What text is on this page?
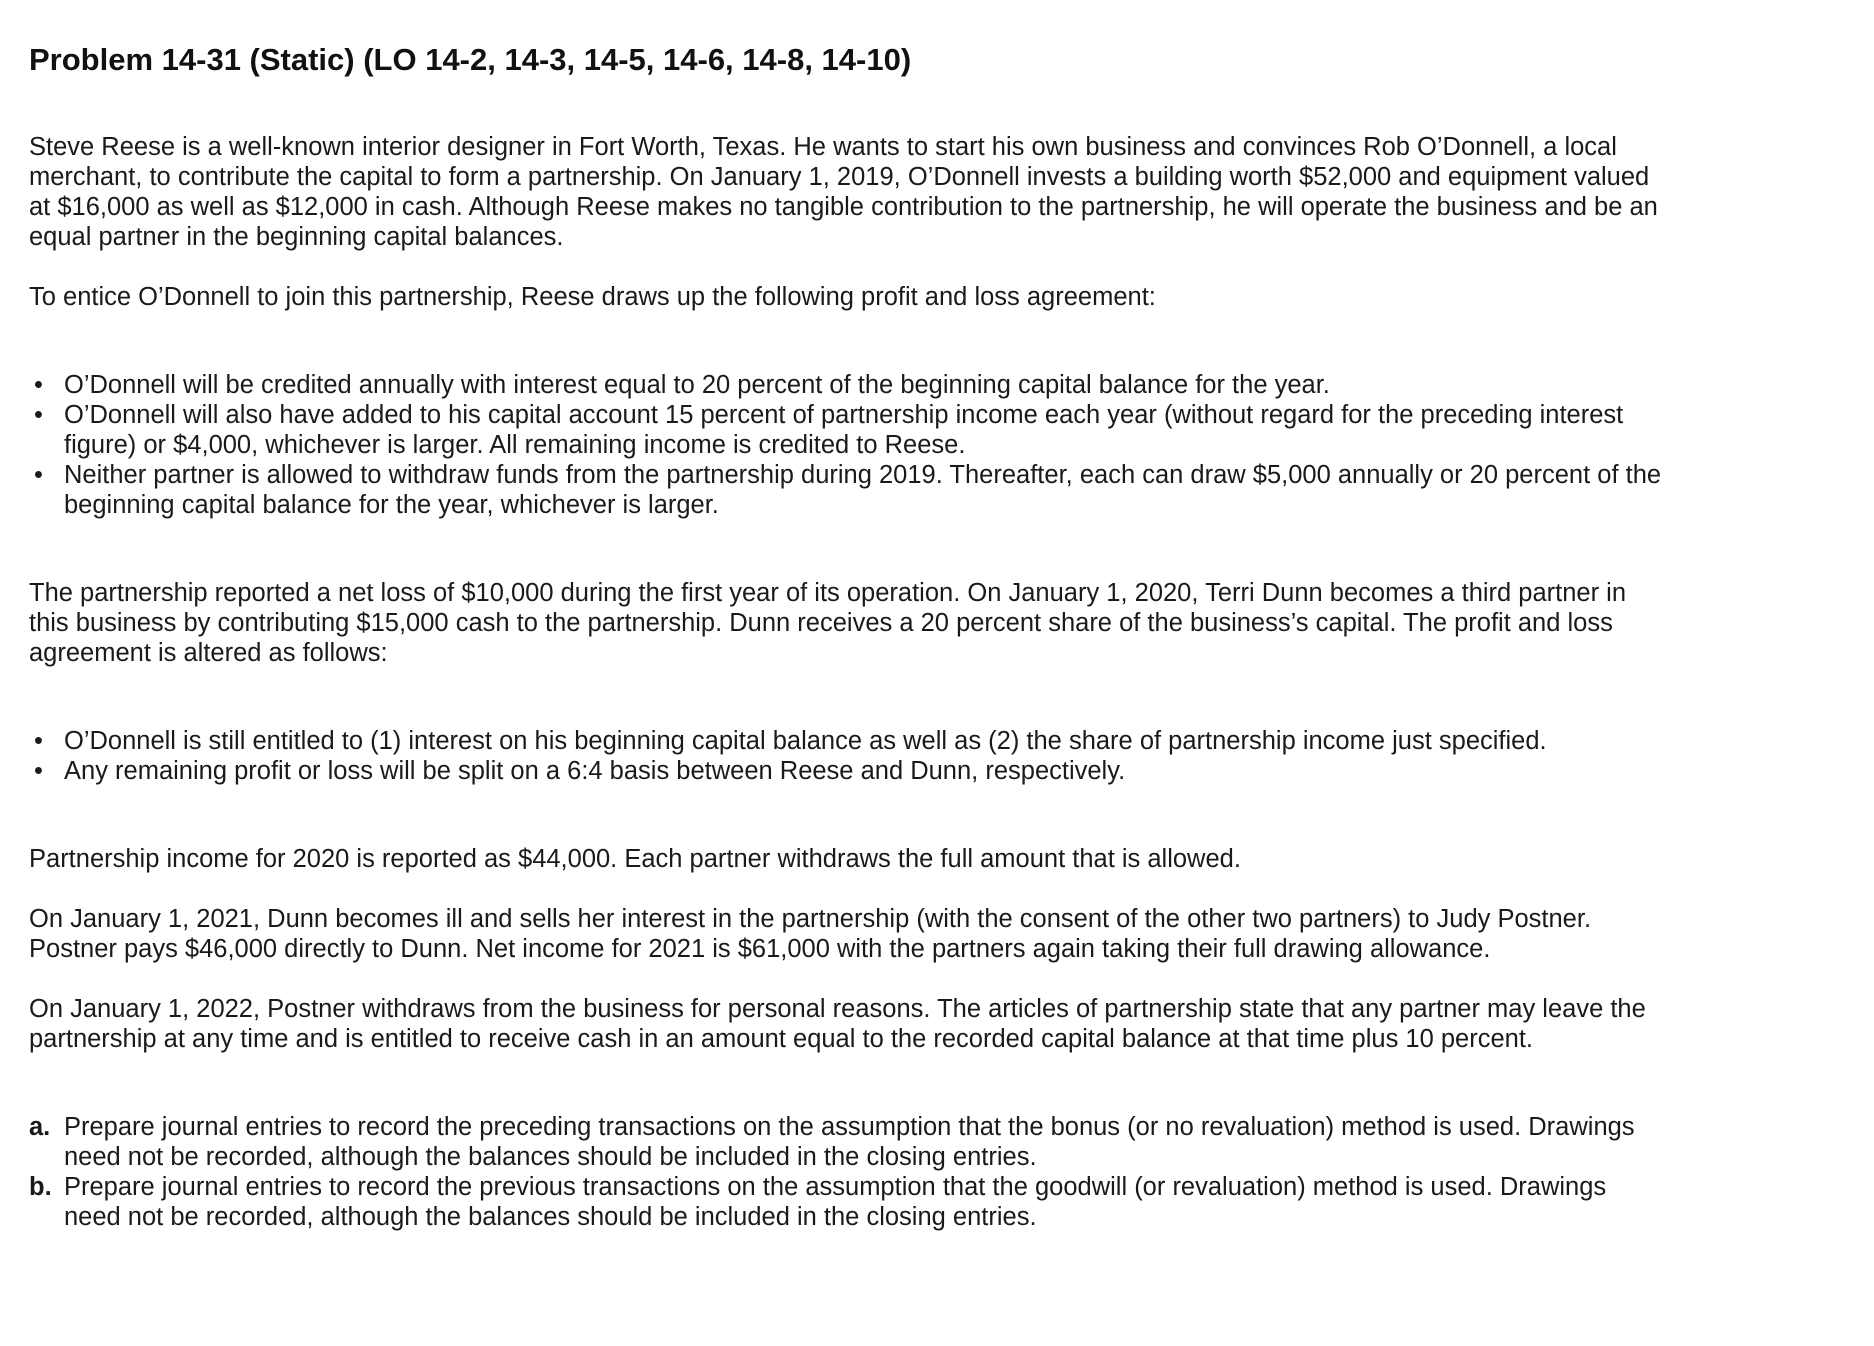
Problem 14-31 (Static) (LO 14-2, 14-3, 14-5, 14-6, 14-8, 14-10)

Steve Reese is a well-known interior designer in Fort Worth, Texas. He wants to start his own business and convinces Rob O’Donnell, a local merchant, to contribute the capital to form a partnership. On January 1, 2019, O’Donnell invests a building worth $52,000 and equipment valued at $16,000 as well as $12,000 in cash. Although Reese makes no tangible contribution to the partnership, he will operate the business and be an equal partner in the beginning capital balances.

To entice O’Donnell to join this partnership, Reese draws up the following profit and loss agreement:

• O’Donnell will be credited annually with interest equal to 20 percent of the beginning capital balance for the year.
• O’Donnell will also have added to his capital account 15 percent of partnership income each year (without regard for the preceding interest figure) or $4,000, whichever is larger. All remaining income is credited to Reese.
• Neither partner is allowed to withdraw funds from the partnership during 2019. Thereafter, each can draw $5,000 annually or 20 percent of the beginning capital balance for the year, whichever is larger.

The partnership reported a net loss of $10,000 during the first year of its operation. On January 1, 2020, Terri Dunn becomes a third partner in this business by contributing $15,000 cash to the partnership. Dunn receives a 20 percent share of the business’s capital. The profit and loss agreement is altered as follows:

• O’Donnell is still entitled to (1) interest on his beginning capital balance as well as (2) the share of partnership income just specified.
• Any remaining profit or loss will be split on a 6:4 basis between Reese and Dunn, respectively.

Partnership income for 2020 is reported as $44,000. Each partner withdraws the full amount that is allowed.

On January 1, 2021, Dunn becomes ill and sells her interest in the partnership (with the consent of the other two partners) to Judy Postner. Postner pays $46,000 directly to Dunn. Net income for 2021 is $61,000 with the partners again taking their full drawing allowance.

On January 1, 2022, Postner withdraws from the business for personal reasons. The articles of partnership state that any partner may leave the partnership at any time and is entitled to receive cash in an amount equal to the recorded capital balance at that time plus 10 percent.

a. Prepare journal entries to record the preceding transactions on the assumption that the bonus (or no revaluation) method is used. Drawings need not be recorded, although the balances should be included in the closing entries.
b. Prepare journal entries to record the previous transactions on the assumption that the goodwill (or revaluation) method is used. Drawings need not be recorded, although the balances should be included in the closing entries.
